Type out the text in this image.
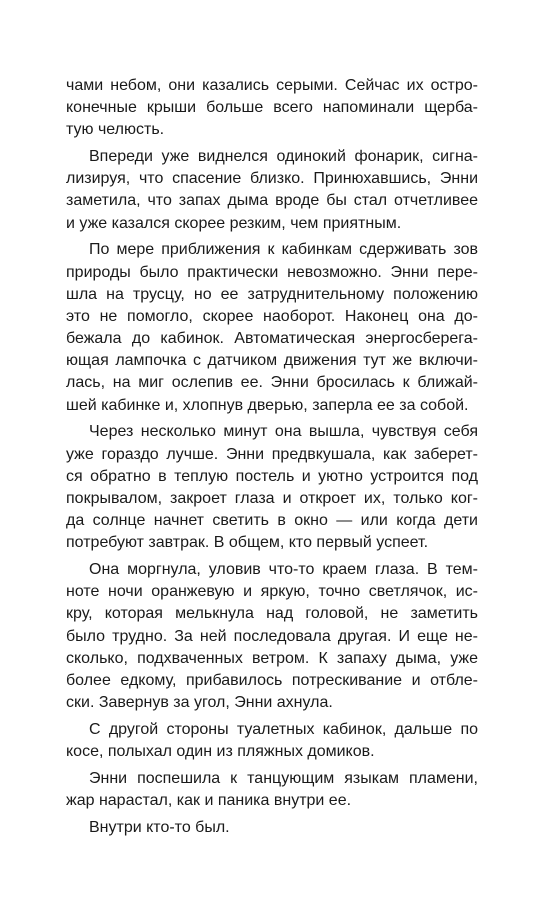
чами небом, они казались серыми. Сейчас их остро-
конечные крыши больше всего напоминали щерба-
тую челюсть.
Впереди уже виднелся одинокий фонарик, сигна-
лизируя, что спасение близко. Принюхавшись, Энни
заметила, что запах дыма вроде бы стал отчетливее
и уже казался скорее резким, чем приятным.
По мере приближения к кабинкам сдерживать зов
природы было практически невозможно. Энни пере-
шла на трусцу, но ее затруднительному положению
это не помогло, скорее наоборот. Наконец она до-
бежала до кабинок. Автоматическая энергосберега-
ющая лампочка с датчиком движения тут же включи-
лась, на миг ослепив ее. Энни бросилась к ближай-
шей кабинке и, хлопнув дверью, заперла ее за собой.
Через несколько минут она вышла, чувствуя себя
уже гораздо лучше. Энни предвкушала, как заберет-
ся обратно в теплую постель и уютно устроится под
покрывалом, закроет глаза и откроет их, только ког-
да солнце начнет светить в окно — или когда дети
потребуют завтрак. В общем, кто первый успеет.
Она моргнула, уловив что-то краем глаза. В тем-
ноте ночи оранжевую и яркую, точно светлячок, ис-
кру, которая мелькнула над головой, не заметить
было трудно. За ней последовала другая. И еще не-
сколько, подхваченных ветром. К запаху дыма, уже
более едкому, прибавилось потрескивание и отбле-
ски. Завернув за угол, Энни ахнула.
С другой стороны туалетных кабинок, дальше по
косе, полыхал один из пляжных домиков.
Энни поспешила к танцующим языкам пламени,
жар нарастал, как и паника внутри ее.
Внутри кто-то был.
